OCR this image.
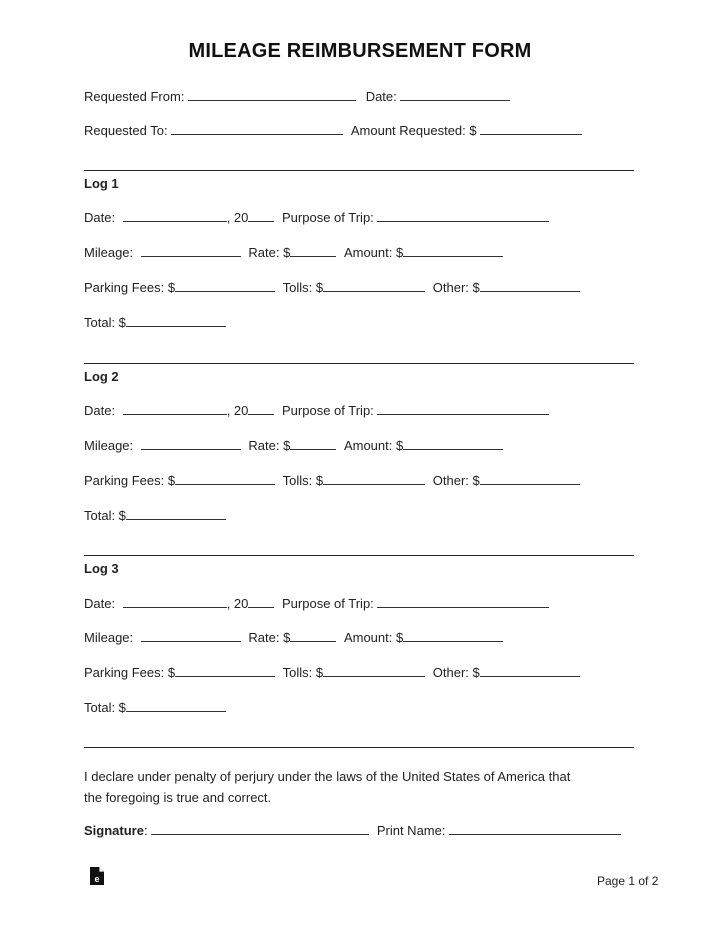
MILEAGE REIMBURSEMENT FORM
Requested From:	Date:
Requested To:	Amount Requested: $
Log 1
Date:	, 20	Purpose of Trip:
Mileage:	Rate: $	Amount: $
Parking Fees: $	Tolls: $	Other: $
Total: $
Log 2
Date:	, 20	Purpose of Trip:
Mileage:	Rate: $	Amount: $
Parking Fees: $	Tolls: $	Other: $
Total: $
Log 3
Date:	, 20	Purpose of Trip:
Mileage:	Rate: $	Amount: $
Parking Fees: $	Tolls: $	Other: $
Total: $
I declare under penalty of perjury under the laws of the United States of America that
the foregoing is true and correct.
Signature:	Print Name:
e	Page 1 of 2
